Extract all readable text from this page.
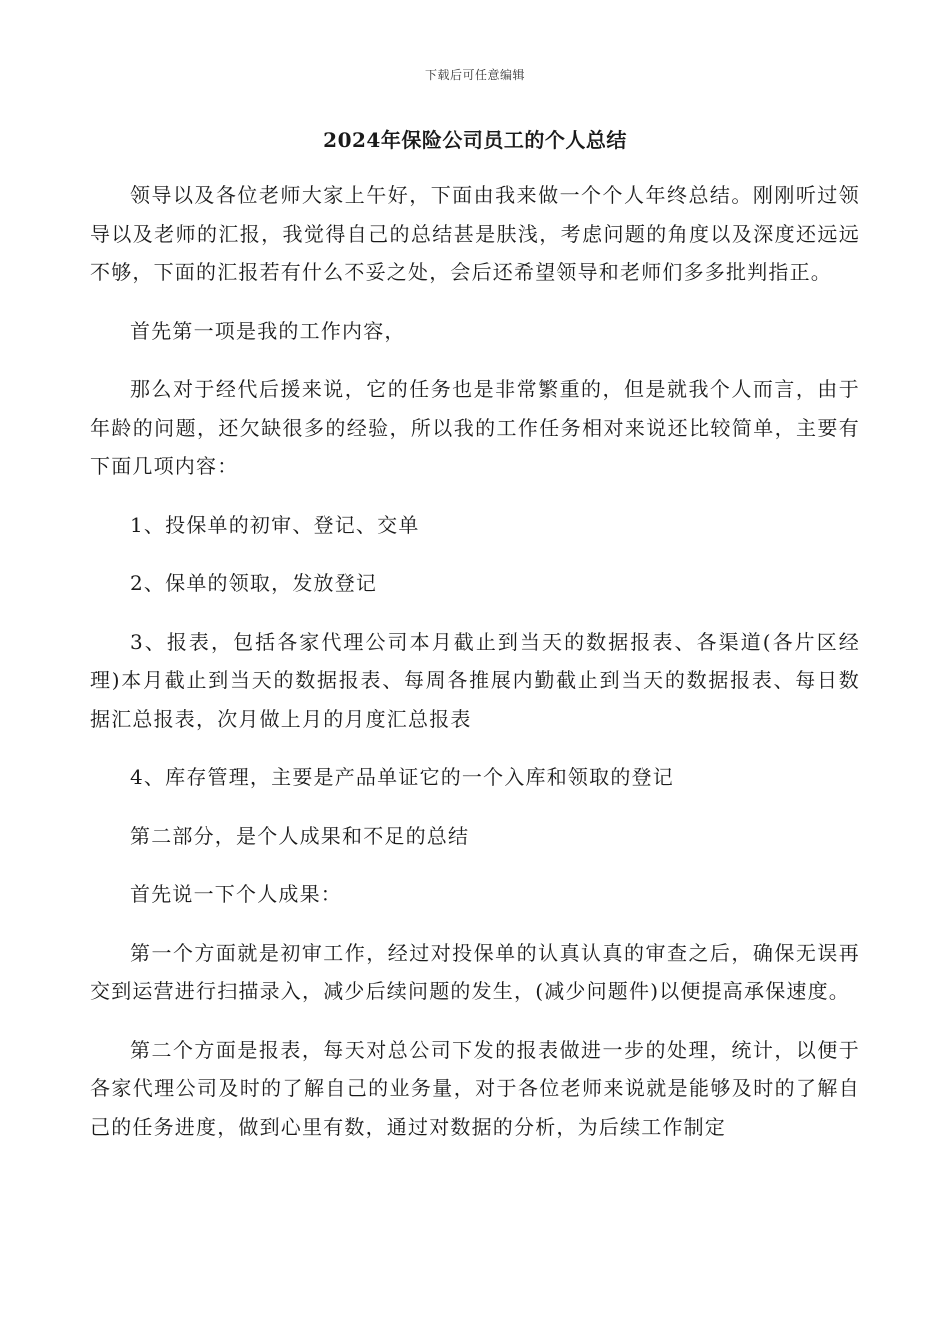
下载后可任意编辑
2024年保险公司员工的个人总结

领导以及各位老师大家上午好，下面由我来做一个个人年终总结。刚刚听过领导以及老师的汇报，我觉得自己的总结甚是肤浅，考虑问题的角度以及深度还远远不够，下面的汇报若有什么不妥之处，会后还希望领导和老师们多多批判指正。

首先第一项是我的工作内容，

那么对于经代后援来说，它的任务也是非常繁重的，但是就我个人而言，由于年龄的问题，还欠缺很多的经验，所以我的工作任务相对来说还比较简单，主要有下面几项内容：

1、投保单的初审、登记、交单

2、保单的领取，发放登记

3、报表，包括各家代理公司本月截止到当天的数据报表、各渠道(各片区经理)本月截止到当天的数据报表、每周各推展内勤截止到当天的数据报表、每日数据汇总报表，次月做上月的月度汇总报表

4、库存管理，主要是产品单证它的一个入库和领取的登记

第二部分，是个人成果和不足的总结

首先说一下个人成果：

第一个方面就是初审工作，经过对投保单的认真认真的审查之后，确保无误再交到运营进行扫描录入，减少后续问题的发生，(减少问题件)以便提高承保速度。

第二个方面是报表，每天对总公司下发的报表做进一步的处理，统计，以便于各家代理公司及时的了解自己的业务量，对于各位老师来说就是能够及时的了解自己的任务进度，做到心里有数，通过对数据的分析，为后续工作制定
